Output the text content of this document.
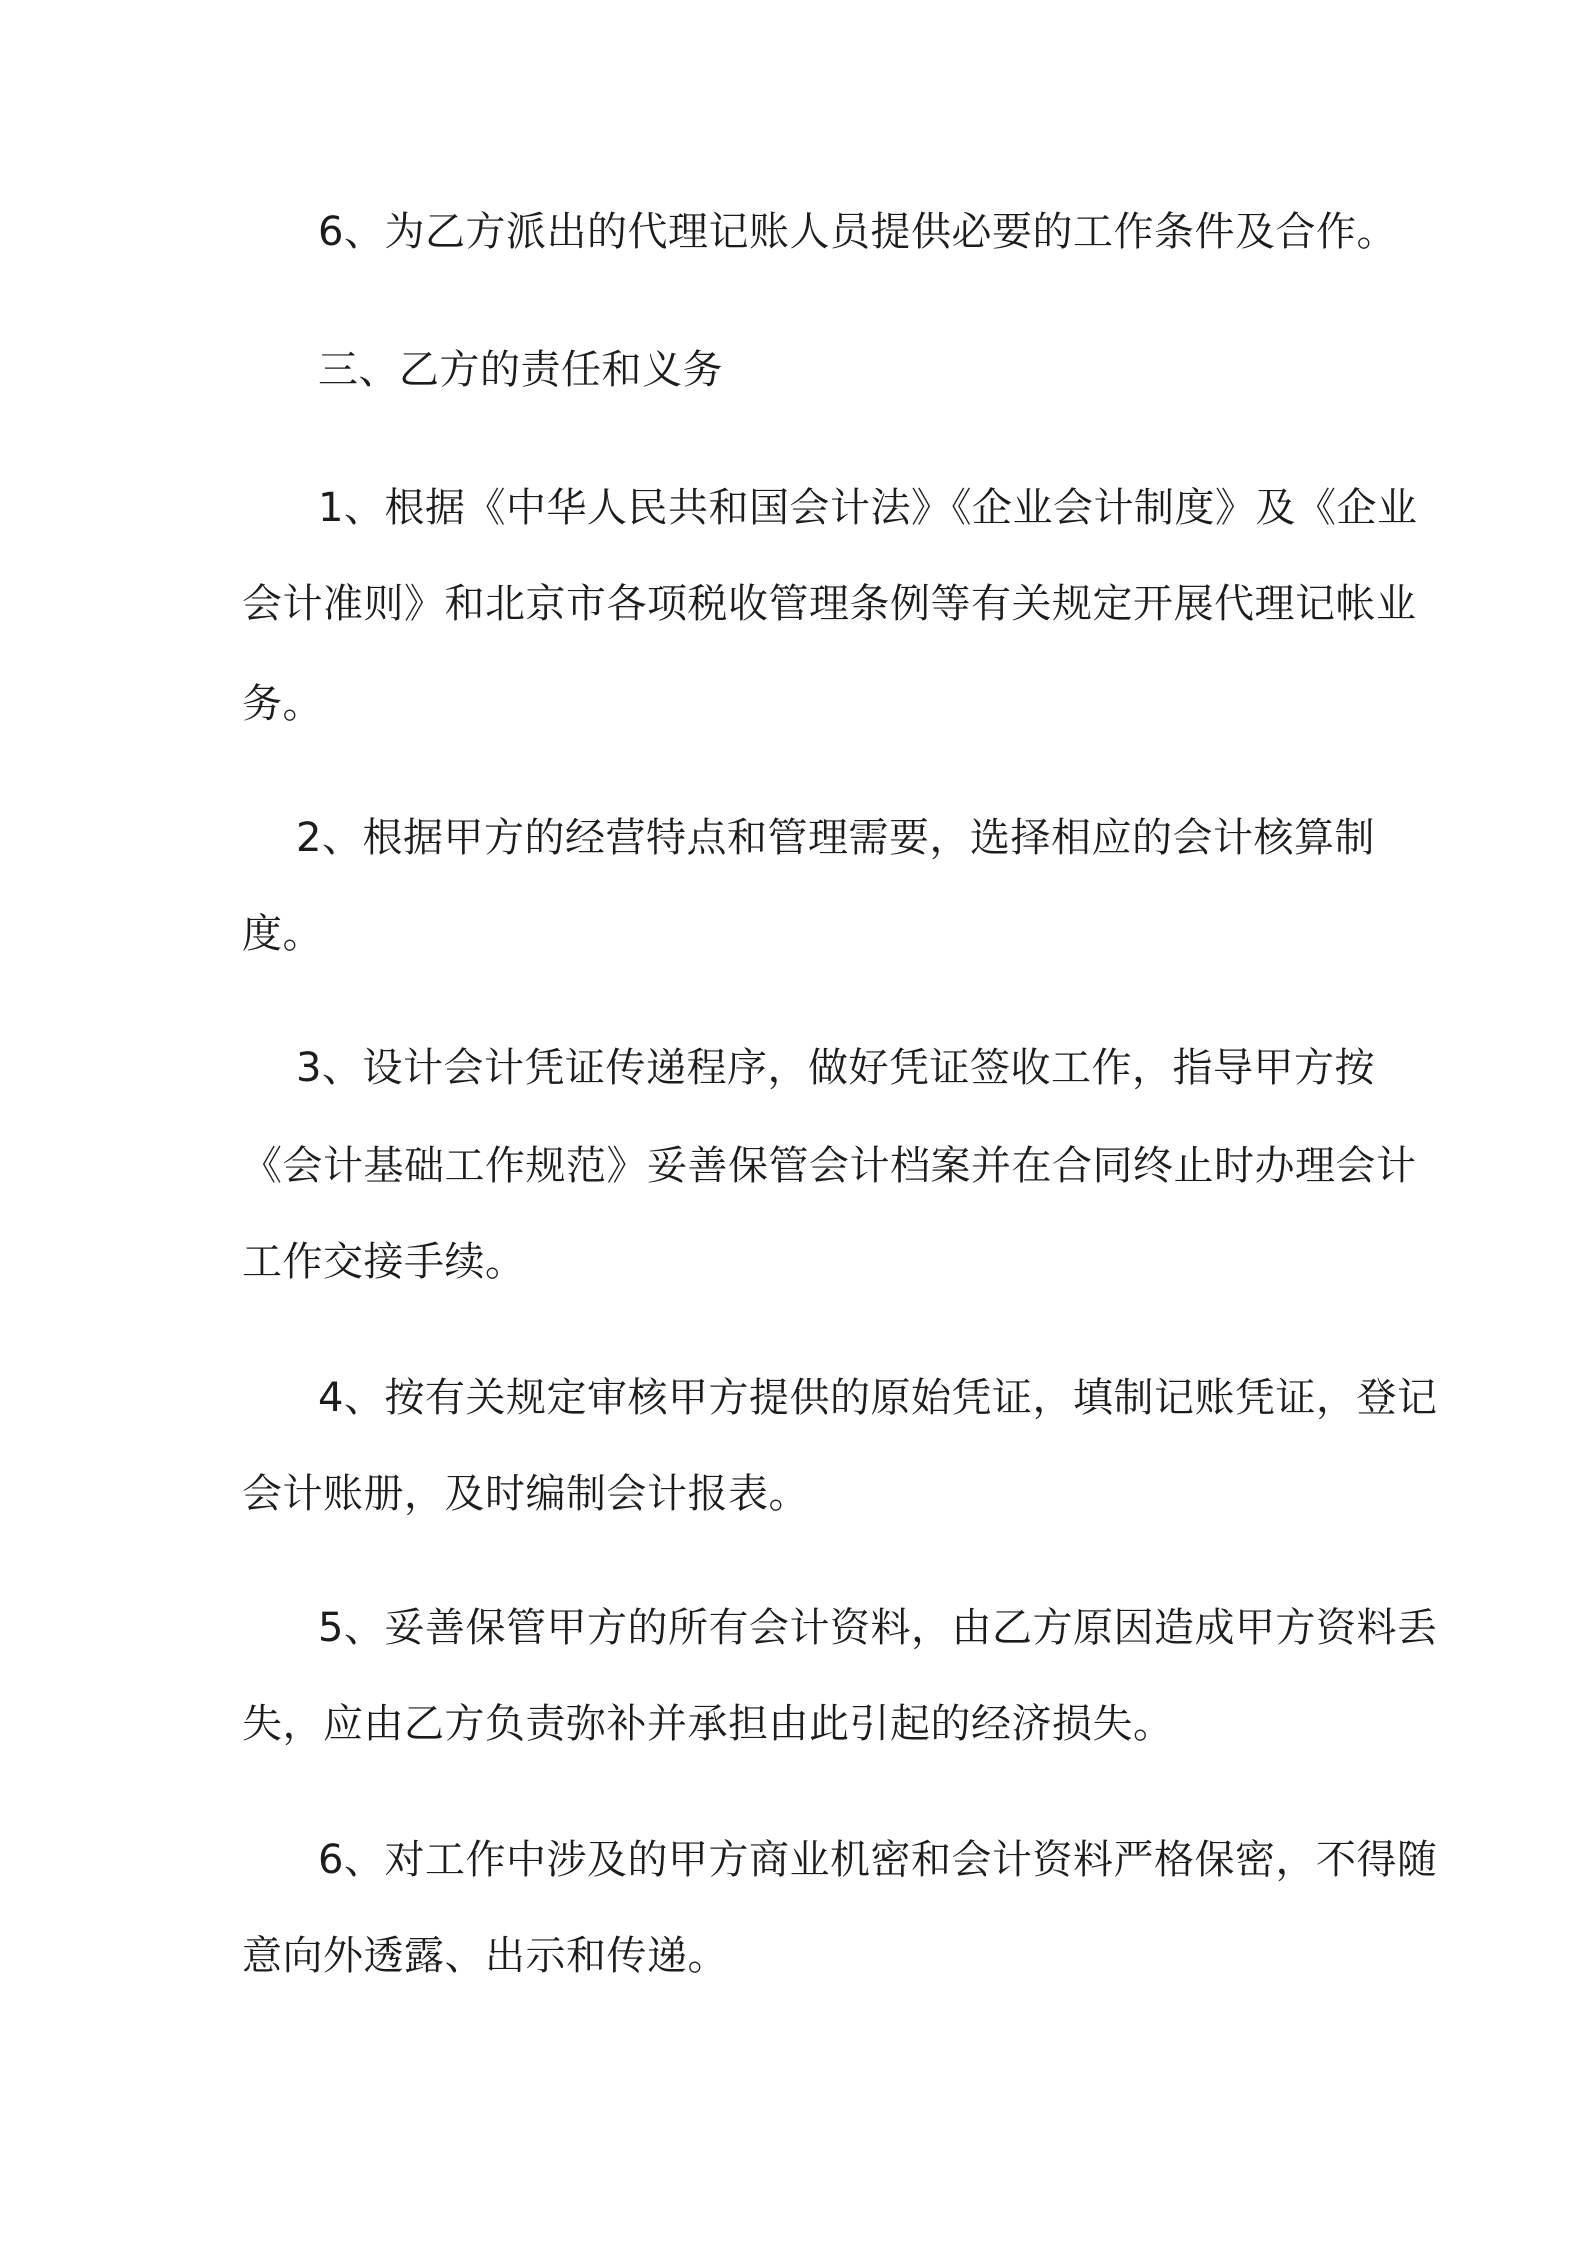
6、为乙方派出的代理记账人员提供必要的工作条件及合作。

三、乙方的责任和义务

1、根据《中华人民共和国会计法》《企业会计制度》及《企业

会计准则》和北京市各项税收管理条例等有关规定开展代理记帐业

务。

2、根据甲方的经营特点和管理需要，选择相应的会计核算制

度。

3、设计会计凭证传递程序，做好凭证签收工作，指导甲方按

《会计基础工作规范》妥善保管会计档案并在合同终止时办理会计

工作交接手续。

4、按有关规定审核甲方提供的原始凭证，填制记账凭证，登记

会计账册，及时编制会计报表。

5、妥善保管甲方的所有会计资料，由乙方原因造成甲方资料丢

失，应由乙方负责弥补并承担由此引起的经济损失。

6、对工作中涉及的甲方商业机密和会计资料严格保密，不得随

意向外透露、出示和传递。
